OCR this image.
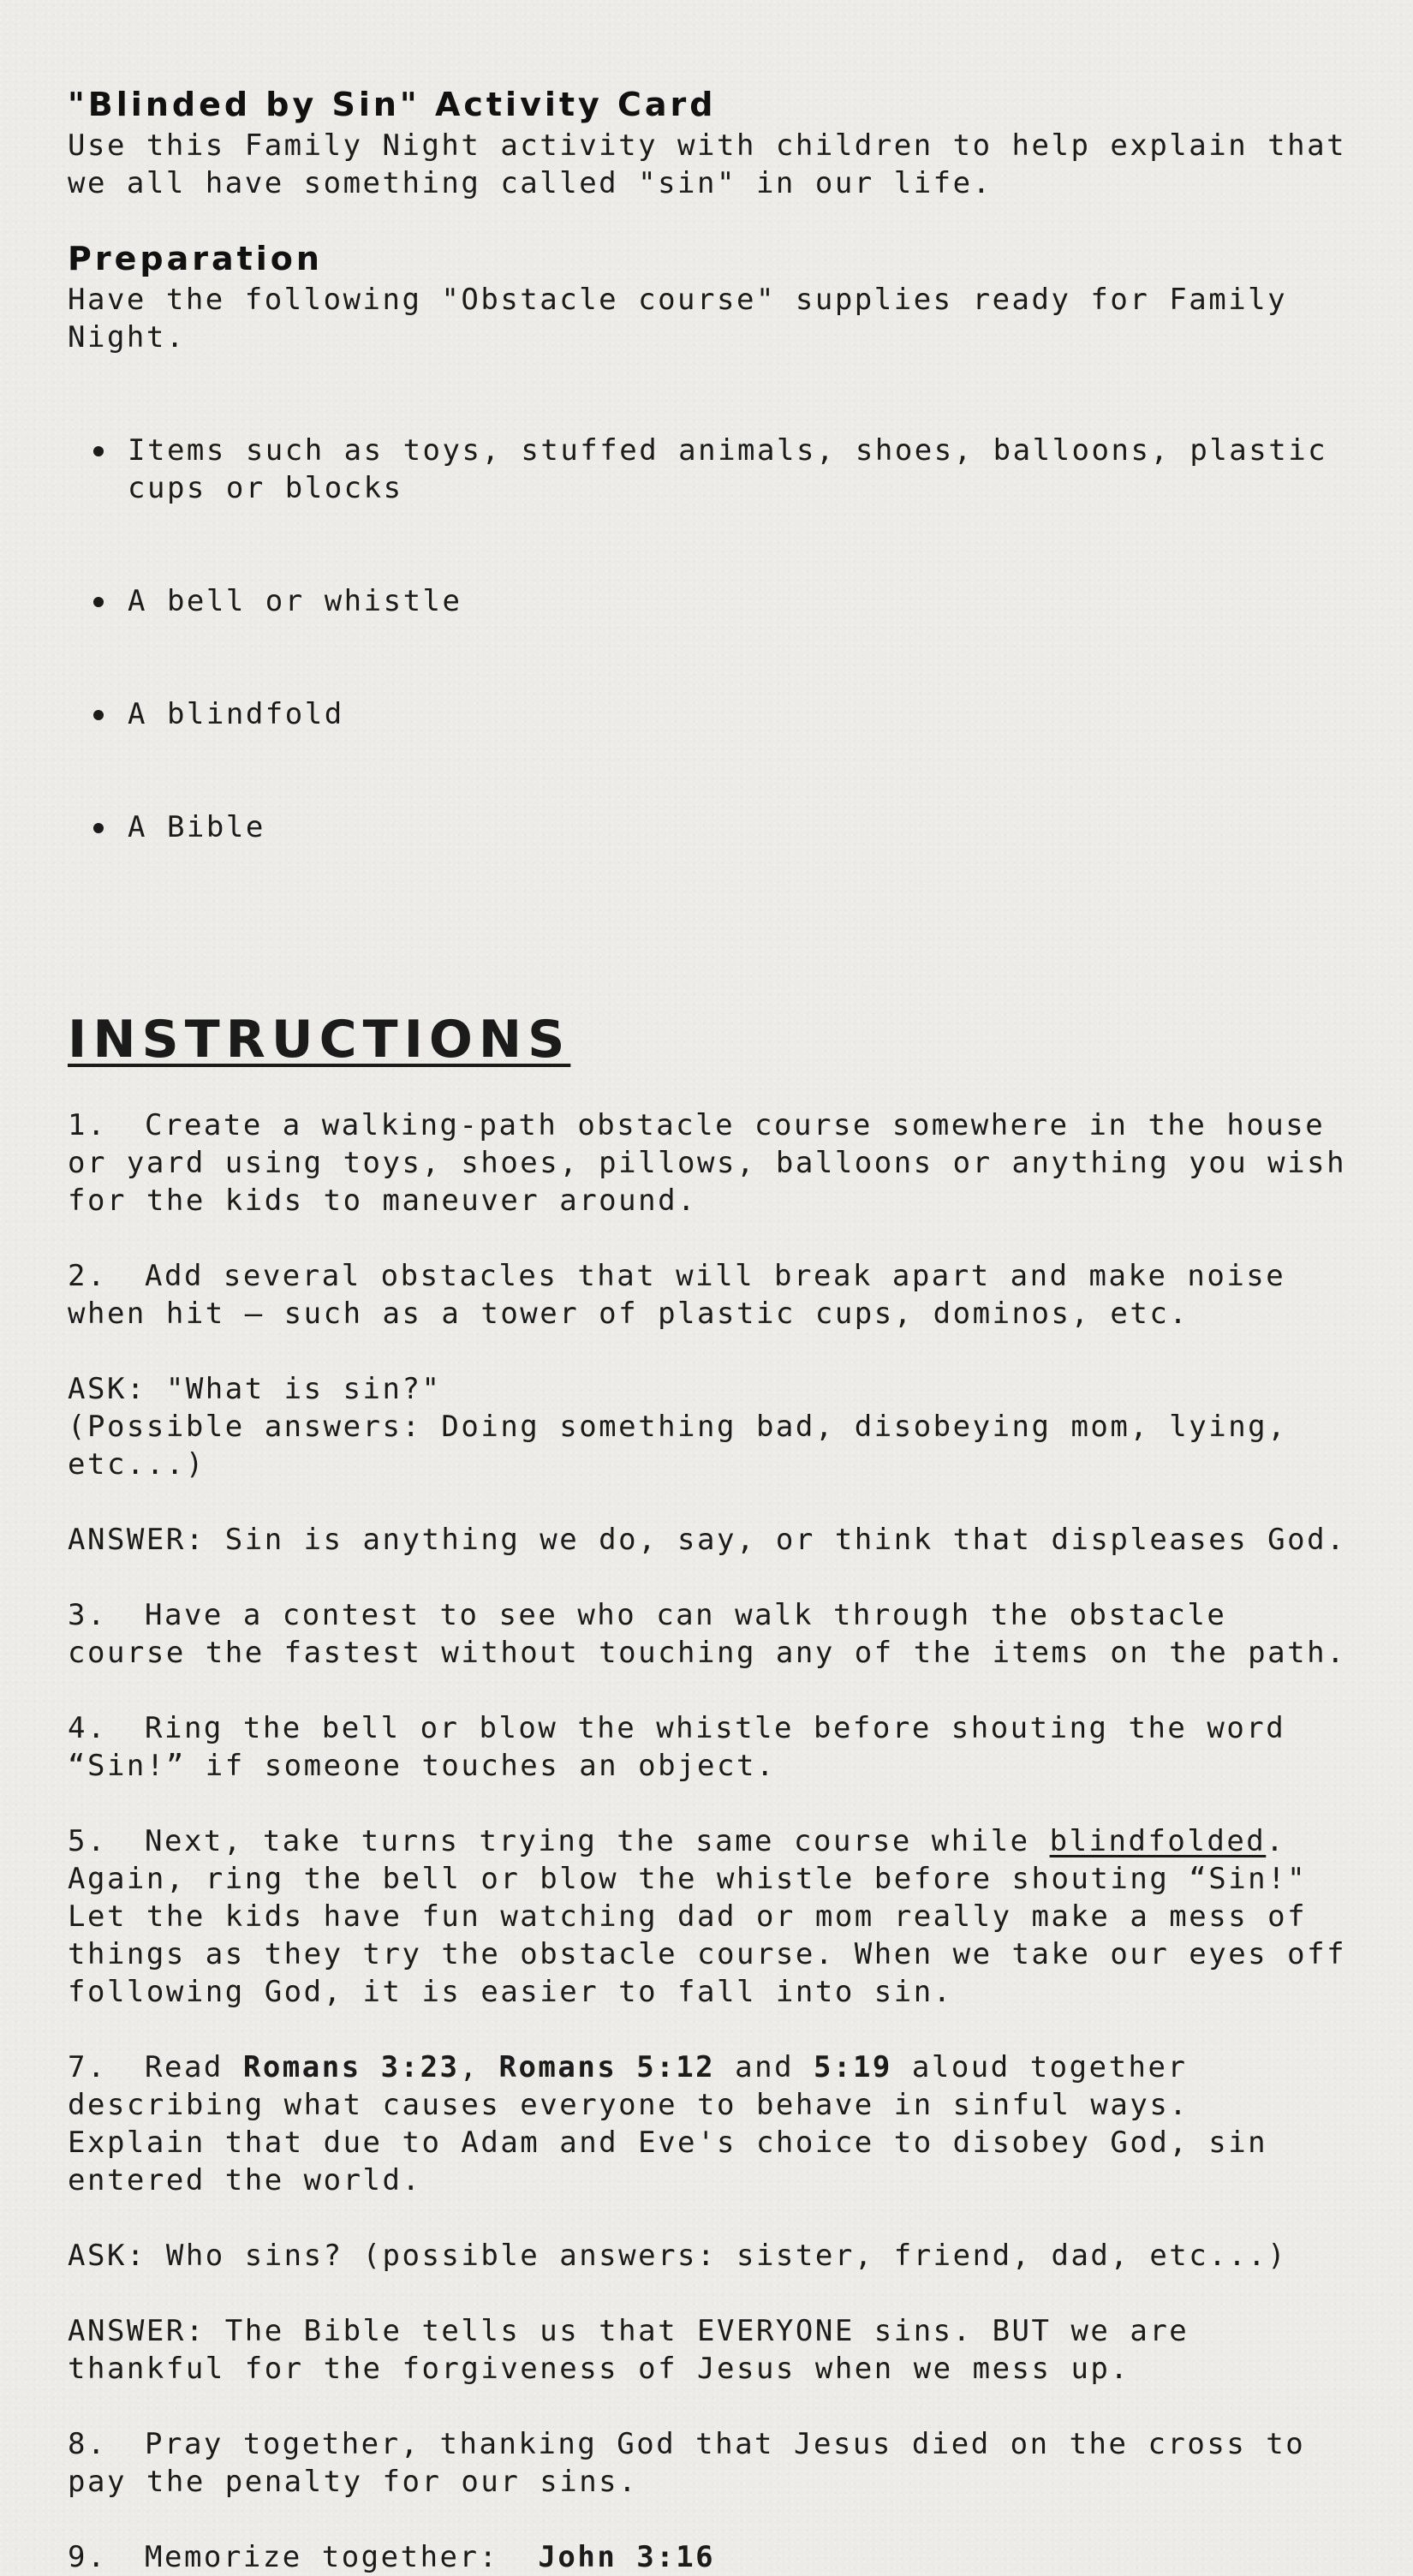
"Blinded by Sin" Activity Card

Use this Family Night activity with children to help explain that we all have something called "sin" in our life.

Preparation

Have the following "Obstacle course" supplies ready for Family Night.

Items such as toys, stuffed animals, shoes, balloons, plastic cups or blocks

A bell or whistle

A blindfold

A Bible

INSTRUCTIONS

1. Create a walking-path obstacle course somewhere in the house or yard using toys, shoes, pillows, balloons or anything you wish for the kids to maneuver around.

2. Add several obstacles that will break apart and make noise when hit – such as a tower of plastic cups, dominos, etc.

ASK: "What is sin?"

(Possible answers: Doing something bad, disobeying mom, lying, etc...)

ANSWER: Sin is anything we do, say, or think that displeases God.

3. Have a contest to see who can walk through the obstacle course the fastest without touching any of the items on the path.

4. Ring the bell or blow the whistle before shouting the word “Sin!” if someone touches an object.

5. Next, take turns trying the same course while blindfolded.  Again, ring the bell or blow the whistle before shouting “Sin!" Let the kids have fun watching dad or mom really make a mess of things as they try the obstacle course. When we take our eyes off following God, it is easier to fall into sin.

7. Read Romans 3:23, Romans 5:12 and 5:19 aloud together describing what causes everyone to behave in sinful ways.  Explain that due to Adam and Eve's choice to disobey God, sin entered the world.

ASK: Who sins? (possible answers: sister, friend, dad, etc...)

ANSWER: The Bible tells us that EVERYONE sins. BUT we are thankful for the forgiveness of Jesus when we mess up.

8. Pray together, thanking God that Jesus died on the cross to pay the penalty for our sins.

9. Memorize together:  John 3:16
